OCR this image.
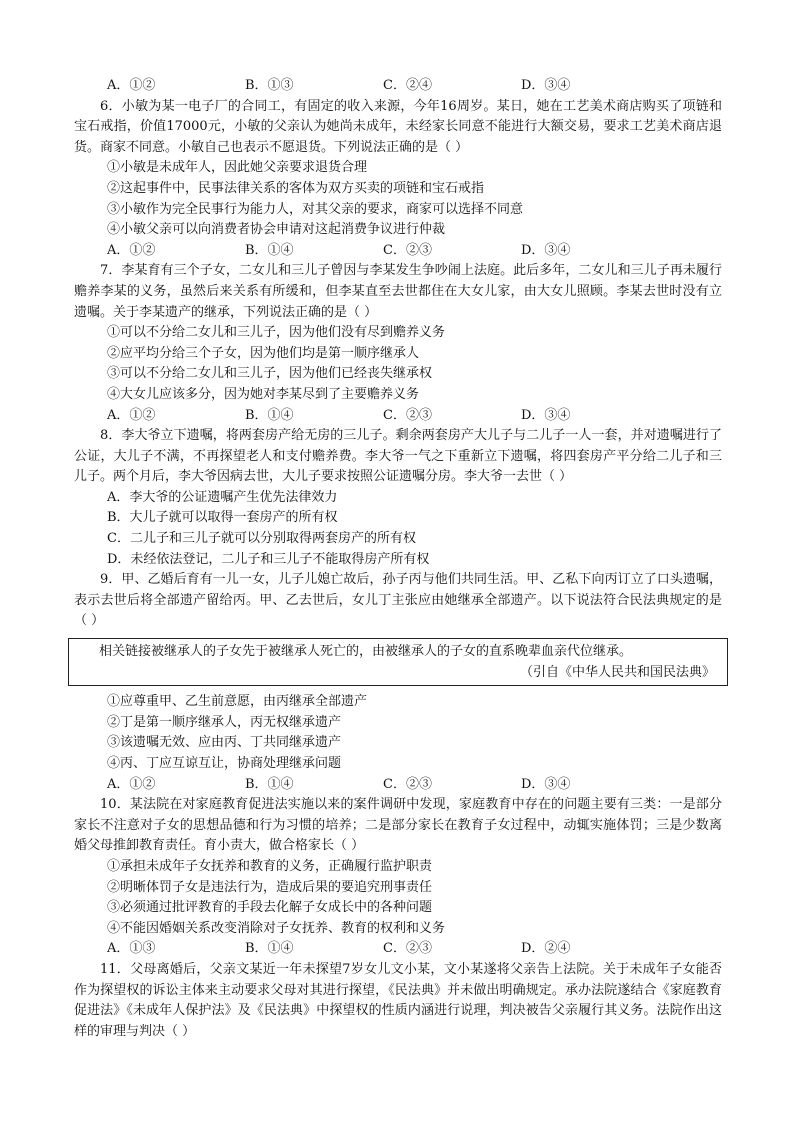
A．①②	B．①③	C．②④	D．③④
6．小敏为某一电子厂的合同工，有固定的收入来源，今年16周岁。某日，她在工艺美术商店购买了项链和宝石戒指，价值17000元，小敏的父亲认为她尚未成年，未经家长同意不能进行大额交易，要求工艺美术商店退货。商家不同意。小敏自己也表示不愿退货。下列说法正确的是（ ）
①小敏是未成年人，因此她父亲要求退货合理
②这起事件中，民事法律关系的客体为双方买卖的项链和宝石戒指
③小敏作为完全民事行为能力人，对其父亲的要求，商家可以选择不同意
④小敏父亲可以向消费者协会申请对这起消费争议进行仲裁
A．①②	B．①④	C．②③	D．③④
7．李某育有三个子女，二女儿和三儿子曾因与李某发生争吵闹上法庭。此后多年，二女儿和三儿子再未履行赡养李某的义务，虽然后来关系有所缓和，但李某直至去世都住在大女儿家，由大女儿照顾。李某去世时没有立遗嘱。关于李某遗产的继承，下列说法正确的是（ ）
①可以不分给二女儿和三儿子，因为他们没有尽到赡养义务
②应平均分给三个子女，因为他们均是第一顺序继承人
③可以不分给二女儿和三儿子，因为他们已经丧失继承权
④大女儿应该多分，因为她对李某尽到了主要赡养义务
A．①②	B．①④	C．②③	D．③④
8．李大爷立下遗嘱，将两套房产给无房的三儿子。剩余两套房产大儿子与二儿子一人一套，并对遗嘱进行了公证，大儿子不满，不再探望老人和支付赡养费。李大爷一气之下重新立下遗嘱，将四套房产平分给二儿子和三儿子。两个月后，李大爷因病去世，大儿子要求按照公证遗嘱分房。李大爷一去世（ ）
A．李大爷的公证遗嘱产生优先法律效力
B．大儿子就可以取得一套房产的所有权
C．二儿子和三儿子就可以分别取得两套房产的所有权
D．未经依法登记，二儿子和三儿子不能取得房产所有权
9．甲、乙婚后育有一儿一女，儿子儿媳亡故后，孙子丙与他们共同生活。甲、乙私下向丙订立了口头遗嘱，表示去世后将全部遗产留给丙。甲、乙去世后，女儿丁主张应由她继承全部遗产。以下说法符合民法典规定的是（ ）
相关链接被继承人的子女先于被继承人死亡的，由被继承人的子女的直系晚辈血亲代位继承。
（引自《中华人民共和国民法典》
①应尊重甲、乙生前意愿，由丙继承全部遗产
②丁是第一顺序继承人，丙无权继承遗产
③该遗嘱无效、应由丙、丁共同继承遗产
④丙、丁应互谅互让，协商处理继承问题
A．①②	B．①④	C．②③	D．③④
10．某法院在对家庭教育促进法实施以来的案件调研中发现，家庭教育中存在的问题主要有三类：一是部分家长不注意对子女的思想品德和行为习惯的培养；二是部分家长在教育子女过程中，动辄实施体罚；三是少数离婚父母推卸教育责任。育小责大，做合格家长（ ）
①承担未成年子女抚养和教育的义务，正确履行监护职责
②明晰体罚子女是违法行为，造成后果的要追究刑事责任
③必须通过批评教育的手段去化解子女成长中的各种问题
④不能因婚姻关系改变消除对子女抚养、教育的权利和义务
A．①③	B．①④	C．②③	D．②④
11．父母离婚后，父亲文某近一年未探望7岁女儿文小某，文小某遂将父亲告上法院。关于未成年子女能否作为探望权的诉讼主体来主动要求父母对其进行探望，《民法典》并未做出明确规定。承办法院遂结合《家庭教育促进法》《未成年人保护法》及《民法典》中探望权的性质内涵进行说理，判决被告父亲履行其义务。法院作出这样的审理与判决（ ）
